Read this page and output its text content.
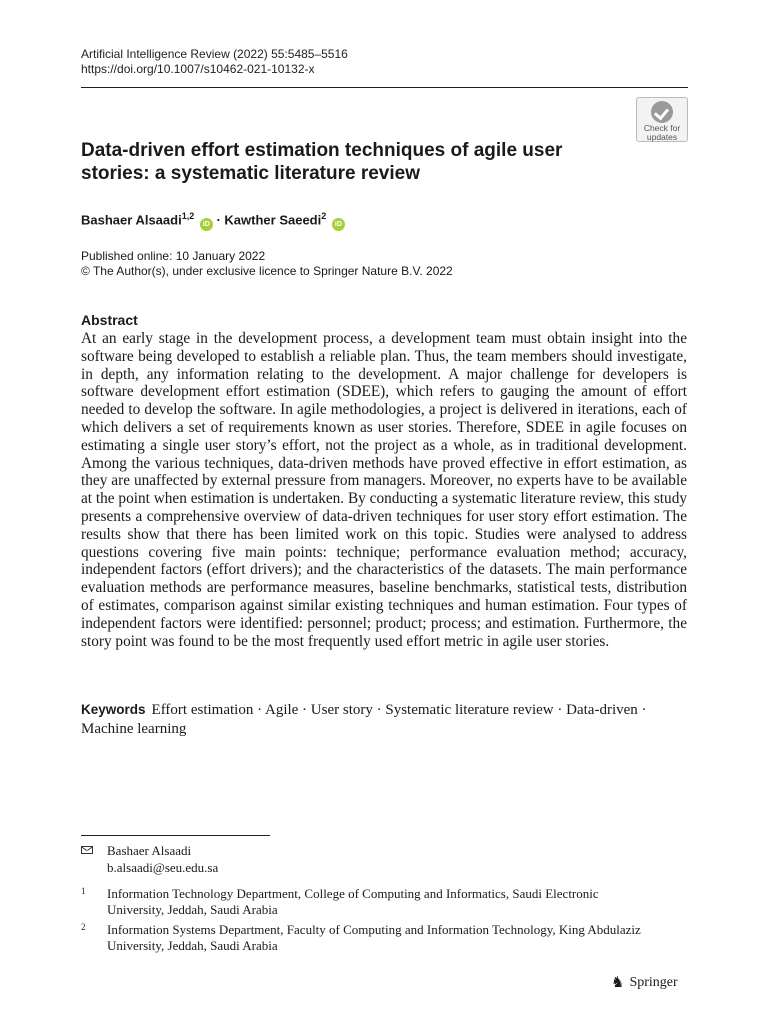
Artificial Intelligence Review (2022) 55:5485–5516
https://doi.org/10.1007/s10462-021-10132-x
Check for
updates
Data-driven effort estimation techniques of agile user stories: a systematic literature review
Bashaer Alsaadi$^{1,2}$ iD · Kawther Saeedi$^2$ iD
Published online: 10 January 2022
© The Author(s), under exclusive licence to Springer Nature B.V. 2022
Abstract

At an early stage in the development process, a development team must obtain insight into the software being developed to establish a reliable plan. Thus, the team members should investigate, in depth, any information relating to the development. A major challenge for developers is software development effort estimation (SDEE), which refers to gauging the amount of effort needed to develop the software. In agile methodologies, a project is delivered in iterations, each of which delivers a set of requirements known as user stories. Therefore, SDEE in agile focuses on estimating a single user story’s effort, not the project as a whole, as in traditional development. Among the various techniques, data-driven methods have proved effective in effort estimation, as they are unaffected by external pressure from managers. Moreover, no experts have to be available at the point when estimation is undertaken. By conducting a systematic literature review, this study presents a comprehensive overview of data-driven techniques for user story effort estimation. The results show that there has been limited work on this topic. Studies were analysed to address questions covering five main points: technique; performance evaluation method; accuracy, independent factors (effort drivers); and the characteristics of the datasets. The main performance evaluation methods are performance measures, baseline benchmarks, statistical tests, distribution of estimates, comparison against similar existing techniques and human estimation. Four types of independent factors were identified: personnel; product; process; and estimation. Furthermore, the story point was found to be the most frequently used effort metric in agile user stories.

Keywords Effort estimation · Agile · User story · Systematic literature review · Data-driven · Machine learning

Bashaer Alsaadi
b.alsaadi@seu.edu.sa
1 Information Technology Department, College of Computing and Informatics, Saudi Electronic University, Jeddah, Saudi Arabia
2 Information Systems Department, Faculty of Computing and Information Technology, King Abdulaziz University, Jeddah, Saudi Arabia
♞ Springer
